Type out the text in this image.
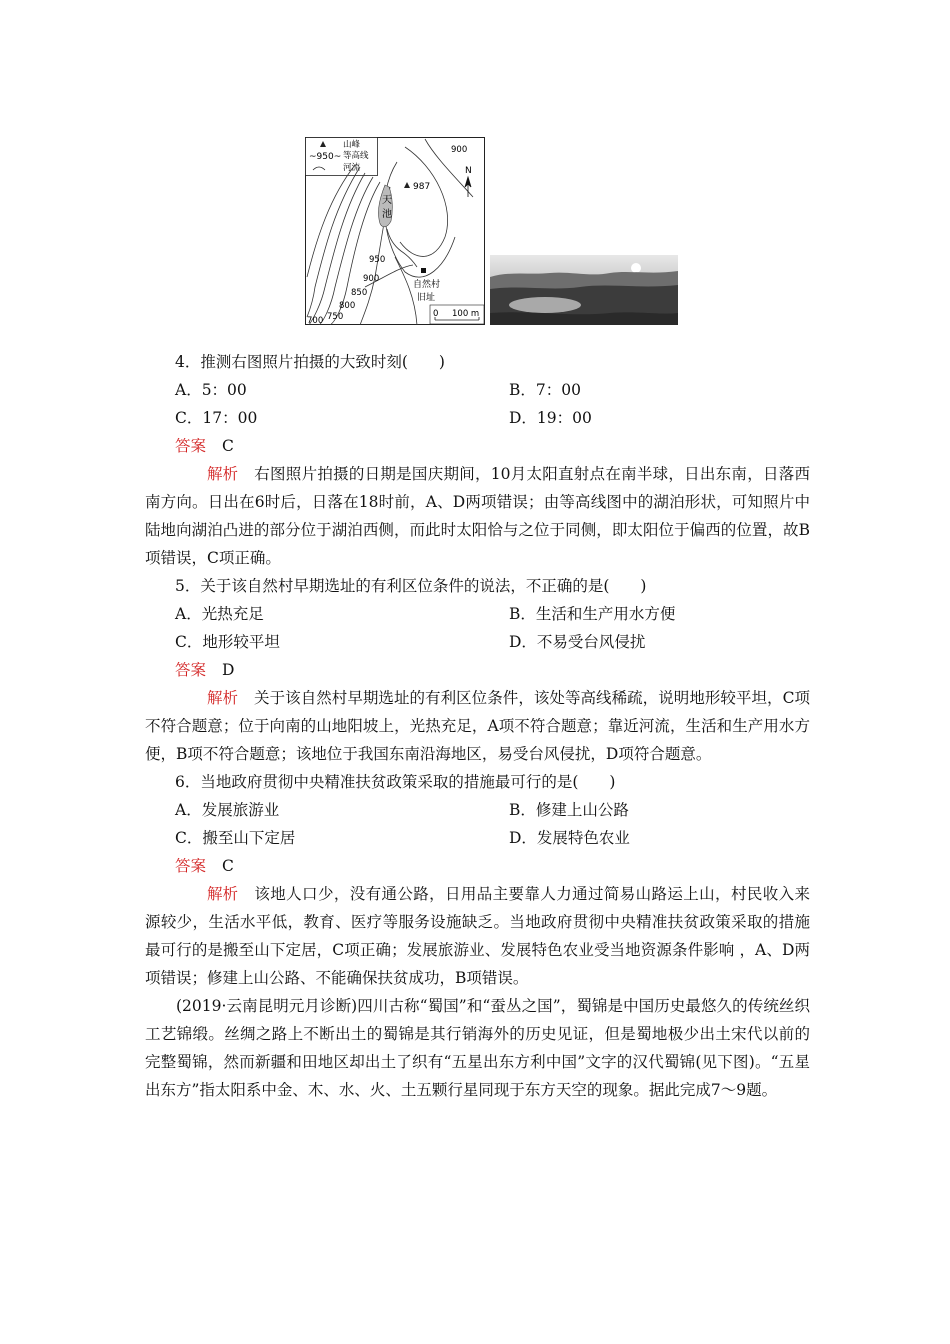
山峰
~950~ 等高线
河流
天
池
987
900
950
900
850
800
750
700
自然村
旧址
N
0 100 m
4．推测右图照片拍摄的大致时刻(　　)
A．5：00	B．7：00
C．17：00	D．19：00
答案 C
解析 右图照片拍摄的日期是国庆期间，10月太阳直射点在南半球，日出东南，日落西南方向。日出在6时后，日落在18时前，A、D两项错误；由等高线图中的湖泊形状，可知照片中陆地向湖泊凸进的部分位于湖泊西侧，而此时太阳恰与之位于同侧，即太阳位于偏西的位置，故B项错误，C项正确。
5．关于该自然村早期选址的有利区位条件的说法，不正确的是(　　)
A．光热充足	B．生活和生产用水方便
C．地形较平坦	D．不易受台风侵扰
答案 D
解析 关于该自然村早期选址的有利区位条件，该处等高线稀疏，说明地形较平坦，C项不符合题意；位于向南的山地阳坡上，光热充足，A项不符合题意；靠近河流，生活和生产用水方便，B项不符合题意；该地位于我国东南沿海地区，易受台风侵扰，D项符合题意。
6．当地政府贯彻中央精准扶贫政策采取的措施最可行的是(　　)
A．发展旅游业	B．修建上山公路
C．搬至山下定居	D．发展特色农业
答案 C
解析 该地人口少，没有通公路，日用品主要靠人力通过简易山路运上山，村民收入来源较少，生活水平低，教育、医疗等服务设施缺乏。当地政府贯彻中央精准扶贫政策采取的措施最可行的是搬至山下定居，C项正确；发展旅游业、发展特色农业受当地资源条件影响 ，A、D两项错误；修建上山公路、不能确保扶贫成功，B项错误。
(2019·云南昆明元月诊断)四川古称“蜀国”和“蚕丛之国”，蜀锦是中国历史最悠久的传统丝织工艺锦缎。丝绸之路上不断出土的蜀锦是其行销海外的历史见证，但是蜀地极少出土宋代以前的完整蜀锦，然而新疆和田地区却出土了织有“五星出东方利中国”文字的汉代蜀锦(见下图)。“五星出东方”指太阳系中金、木、水、火、土五颗行星同现于东方天空的现象。据此完成7～9题。
